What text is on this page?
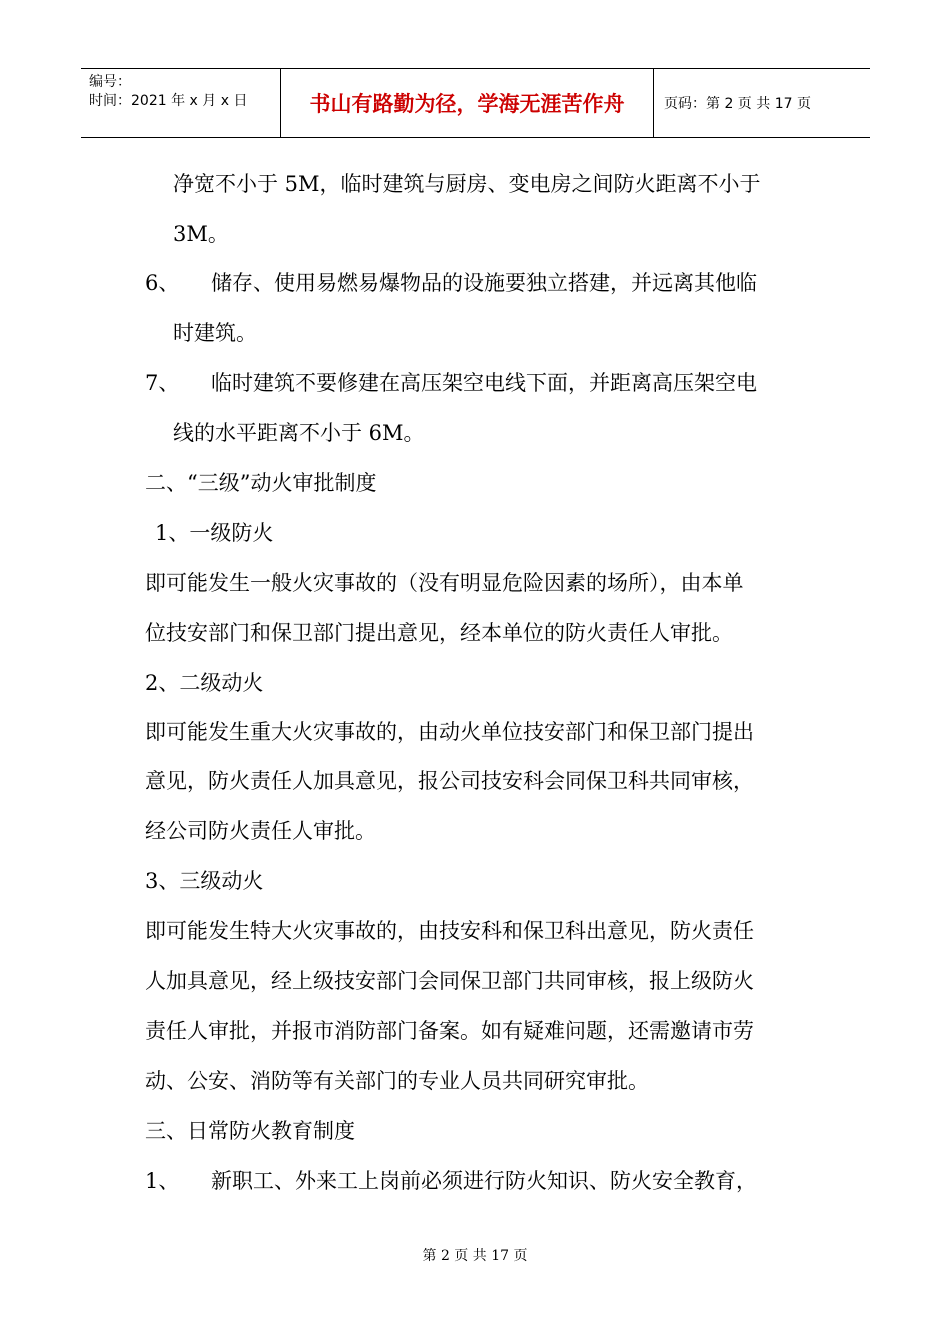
编号：
时间：2021 年 x 月 x 日	书山有路勤为径，学海无涯苦作舟	页码：第 2 页 共 17 页
净宽不小于 5M，临时建筑与厨房、变电房之间防火距离不小于
3M。
6、 储存、使用易燃易爆物品的设施要独立搭建，并远离其他临
时建筑。
7、 临时建筑不要修建在高压架空电线下面，并距离高压架空电
线的水平距离不小于 6M。
二、“三级”动火审批制度
1、一级防火
即可能发生一般火灾事故的（没有明显危险因素的场所），由本单
位技安部门和保卫部门提出意见，经本单位的防火责任人审批。
2、二级动火
即可能发生重大火灾事故的，由动火单位技安部门和保卫部门提出
意见，防火责任人加具意见，报公司技安科会同保卫科共同审核，
经公司防火责任人审批。
3、三级动火
即可能发生特大火灾事故的，由技安科和保卫科出意见，防火责任
人加具意见，经上级技安部门会同保卫部门共同审核，报上级防火
责任人审批，并报市消防部门备案。如有疑难问题，还需邀请市劳
动、公安、消防等有关部门的专业人员共同研究审批。
三、日常防火教育制度
1、 新职工、外来工上岗前必须进行防火知识、防火安全教育，
第 2 页 共 17 页
